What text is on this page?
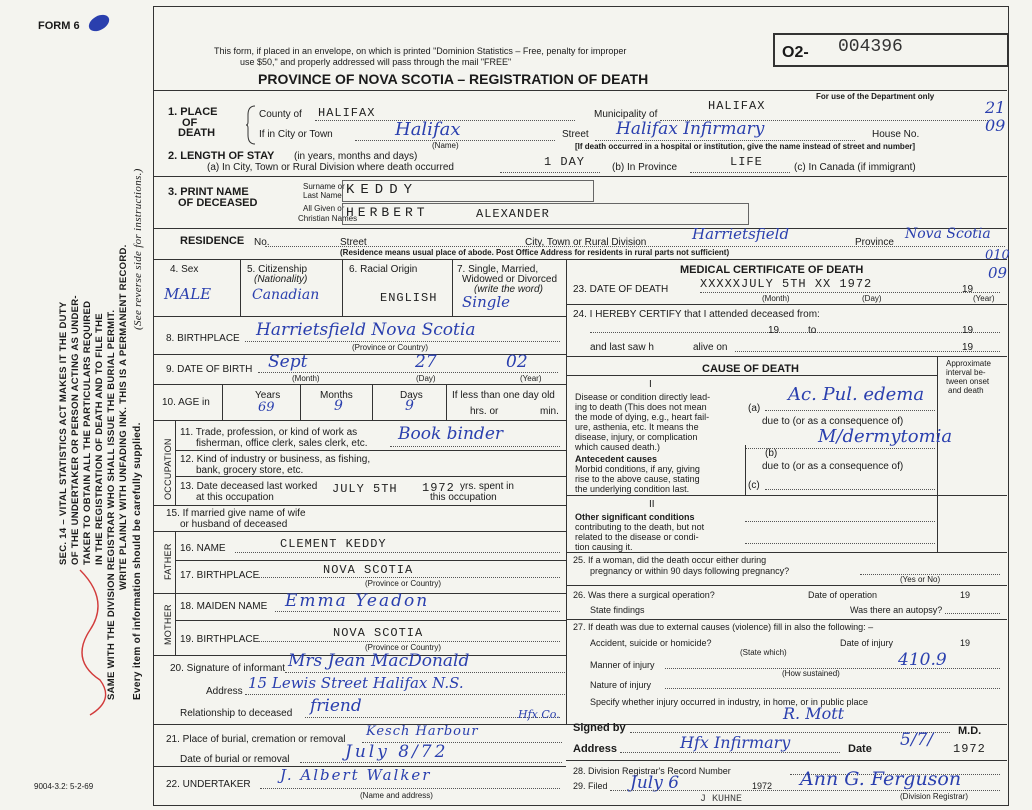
FORM 6
SEC. 14 – VITAL STATISTICS ACT MAKES IT THE DUTY OF THE UNDERTAKER OR PERSON ACTING AS UNDER- TAKER TO OBTAIN ALL THE PARTICULARS REQUIRED IN THE REGISTRATION OF DEATH AND TO FILE THE SAME WITH THE DIVISION REGISTRAR WHO SHALL ISSUE THE BURIAL PERMIT. WRITE PLAINLY WITH UNFADING INK. THIS IS A PERMANENT RECORD. (See reverse side for instructions.)
Every item of information should be carefully supplied.
This form, if placed in an envelope, on which is printed "Dominion Statistics – Free, penalty for improper
use $50," and properly addressed will pass through the mail "FREE"
PROVINCE OF NOVA SCOTIA – REGISTRATION OF DEATH
O2- 004396
For use of the Department only
1. PLACE
OF
DEATH
County of HALIFAX	Municipality of
HALIFAX	21
If in City or Town	Halifax
(Name)
Street Halifax Infirmary	House No.	09
[If death occurred in a hospital or institution, give the name instead of street and number]
2. LENGTH OF STAY (in years, months and days)
(a) In City, Town or Rural Division where death occurred	1 DAY	(b) In Province	LIFE	(c) In Canada (if immigrant)
3. PRINT NAME
OF DECEASED
Surname or
Last Name KEDDY
All Given or
Christian Names
HERBERT	ALEXANDER
RESIDENCE No.	Street	City, Town or Rural Division	Harrietsfield	Province
Nova Scotia
(Residence means usual place of abode. Post Office Address for residents in rural parts not sufficient)	010
4. Sex
MALE
5. Citizenship
(Nationality)
Canadian
6. Racial Origin
ENGLISH
7. Single, Married,
Widowed or Divorced
(write the word)
Single
8. BIRTHPLACE Harrietsfield Nova Scotia
(Province or Country)
9. DATE OF BIRTH Sept	27	02
(Month)	(Day)	(Year)
10. AGE in
Years
69
Months
9
Days
9
If less than one day old
hrs. or	min.
OCCUPATION
11. Trade, profession, or kind of work as
fisherman, office clerk, sales clerk, etc. Book binder
12. Kind of industry or business, as fishing,
bank, grocery store, etc.
13. Date deceased last worked
at this occupation
JULY 5TH 1972 yrs. spent in
this occupation
15. If married give name of wife
or husband of deceased
FATHER 16. NAME	CLEMENT KEDDY
17. BIRTHPLACE	NOVA SCOTIA
(Province or Country)
MOTHER 18. MAIDEN NAME Emma Yeadon
19. BIRTHPLACE	NOVA SCOTIA
(Province or Country)
20. Signature of informant Mrs Jean MacDonald
Address 15 Lewis Street Halifax N.S.
Relationship to deceased friend
21. Place of burial, cremation or removal
Kesch Harbour
Hfx Co.
Date of burial or removal	July 8/72
22. UNDERTAKER
J. Albert Walker
(Name and address)
MEDICAL CERTIFICATE OF DEATH
23. DATE OF DEATH	XXXXXJULY 5TH XX 1972	19
09
(Month)	(Day)	(Year)
24. I HEREBY CERTIFY that I attended deceased from:
19	to	19
and last saw h	alive on	19
CAUSE OF DEATH	Approximate
interval be-
tween onset
and death
I
Disease or condition directly lead-
ing to death (This does not mean
the mode of dying, e.g., heart fail-
ure, asthenia, etc. It means the
disease, injury, or complication
which caused death.)
(a)
Ac. Pul. edema
due to (or as a consequence of)
M/dermytomia
Antecedent causes
Morbid conditions, if any, giving
rise to the above cause, stating
the underlying condition last.
(b)
due to (or as a consequence of)
(c)
II
Other significant conditions
contributing to the death, but not
related to the disease or condi-
tion causing it.
25. If a woman, did the death occur either during
pregnancy or within 90 days following pregnancy?
(Yes or No)
26. Was there a surgical operation?	Date of operation	19
State findings	Was there an autopsy?
27. If death was due to external causes (violence) fill in also the following: –
Accident, suicide or homicide?	Date of injury	19
(State which)
Manner of injury	410.9
(How sustained)
Nature of injury
Specify whether injury occurred in industry, in home, or in public place
Signed by
R. Mott
M.D.
Address	Hfx Infirmary	Date 5/7/ 1972
28. Division Registrar's Record Number
29. Filed July 6	1972 Ann G. Ferguson
(Division Registrar)
J KUHNE
9004-3.2: 5-2-69
